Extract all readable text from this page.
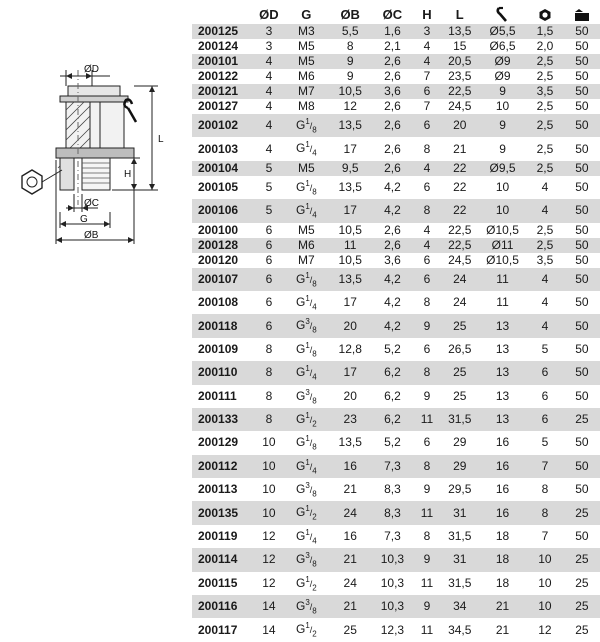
ØD
L
H
ØC
G
ØB
	ØD	G	ØB	ØC	H	L			
200125	3	M3	5,5	1,6	3	13,5	Ø5,5	1,5	50
200124	3	M5	8	2,1	4	15	Ø6,5	2,0	50
200101	4	M5	9	2,6	4	20,5	Ø9	2,5	50
200122	4	M6	9	2,6	7	23,5	Ø9	2,5	50
200121	4	M7	10,5	3,6	6	22,5	9	3,5	50
200127	4	M8	12	2,6	7	24,5	10	2,5	50
200102	4	$G^1/_8$	13,5	2,6	6	20	9	2,5	50
200103	4	$G^1/_4$	17	2,6	8	21	9	2,5	50
200104	5	M5	9,5	2,6	4	22	Ø9,5	2,5	50
200105	5	$G^1/_8$	13,5	4,2	6	22	10	4	50
200106	5	$G^1/_4$	17	4,2	8	22	10	4	50
200100	6	M5	10,5	2,6	4	22,5	Ø10,5	2,5	50
200128	6	M6	11	2,6	4	22,5	Ø11	2,5	50
200120	6	M7	10,5	3,6	6	24,5	Ø10,5	3,5	50
200107	6	$G^1/_8$	13,5	4,2	6	24	11	4	50
200108	6	$G^1/_4$	17	4,2	8	24	11	4	50
200118	6	$G^3/_8$	20	4,2	9	25	13	4	50
200109	8	$G^1/_8$	12,8	5,2	6	26,5	13	5	50
200110	8	$G^1/_4$	17	6,2	8	25	13	6	50
200111	8	$G^3/_8$	20	6,2	9	25	13	6	50
200133	8	$G^1/_2$	23	6,2	11	31,5	13	6	25
200129	10	$G^1/_8$	13,5	5,2	6	29	16	5	50
200112	10	$G^1/_4$	16	7,3	8	29	16	7	50
200113	10	$G^3/_8$	21	8,3	9	29,5	16	8	50
200135	10	$G^1/_2$	24	8,3	11	31	16	8	25
200119	12	$G^1/_4$	16	7,3	8	31,5	18	7	50
200114	12	$G^3/_8$	21	10,3	9	31	18	10	25
200115	12	$G^1/_2$	24	10,3	11	31,5	18	10	25
200116	14	$G^3/_8$	21	10,3	9	34	21	10	25
200117	14	$G^1/_2$	25	12,3	11	34,5	21	12	25
